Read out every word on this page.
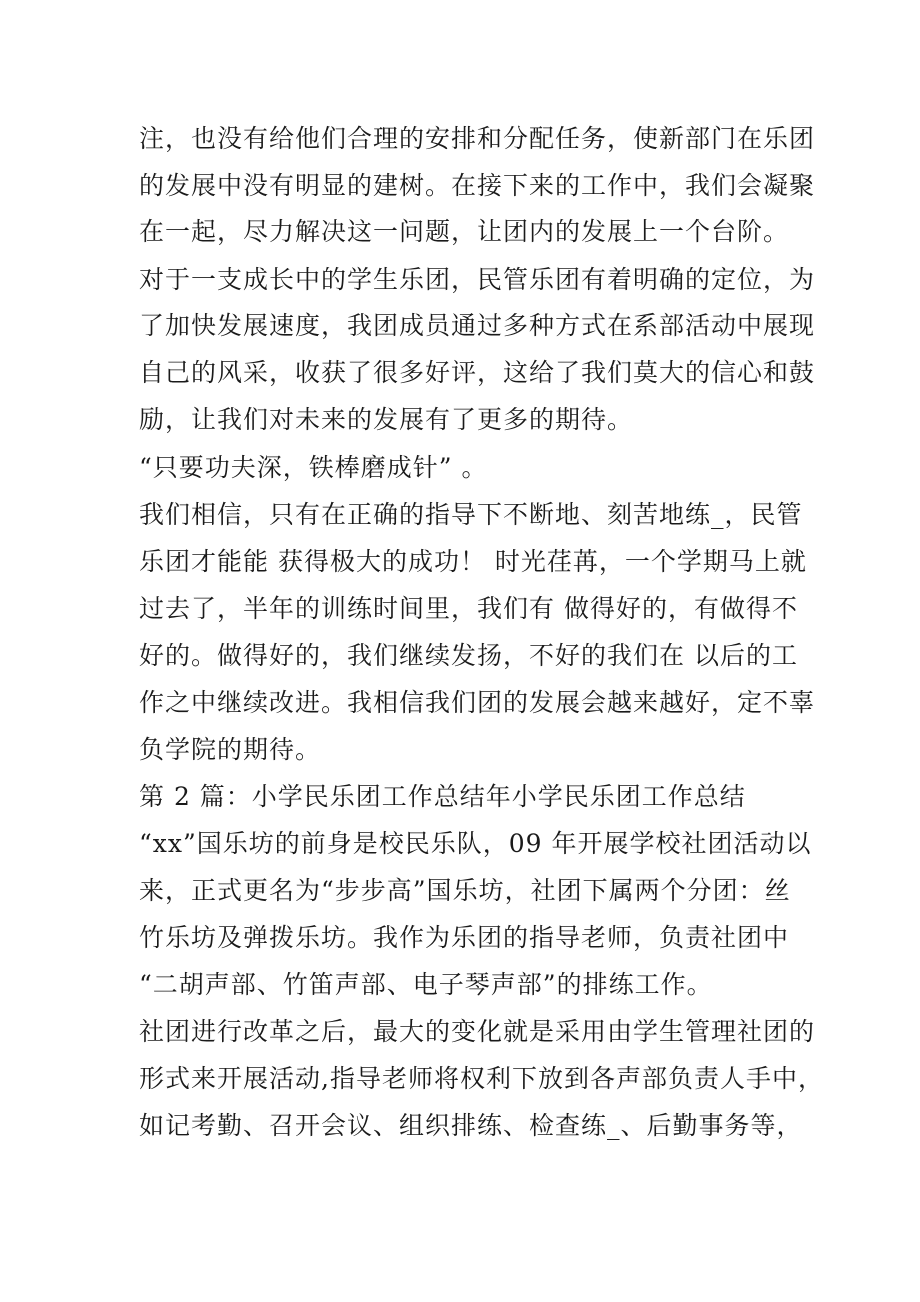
注，也没有给他们合理的安排和分配任务，使新部门在乐团
的发展中没有明显的建树。在接下来的工作中，我们会凝聚
在一起，尽力解决这一问题，让团内的发展上一个台阶。
对于一支成长中的学生乐团，民管乐团有着明确的定位，为
了加快发展速度，我团成员通过多种方式在系部活动中展现
自己的风采，收获了很多好评，这给了我们莫大的信心和鼓
励，让我们对未来的发展有了更多的期待。
“只要功夫深，铁棒磨成针” 。
我们相信，只有在正确的指导下不断地、刻苦地练_，民管
乐团才能能 获得极大的成功！ 时光荏苒，一个学期马上就
过去了，半年的训练时间里，我们有 做得好的，有做得不
好的。做得好的，我们继续发扬，不好的我们在 以后的工
作之中继续改进。我相信我们团的发展会越来越好，定不辜
负学院的期待。
第 2 篇：小学民乐团工作总结年小学民乐团工作总结
“xx”国乐坊的前身是校民乐队，09 年开展学校社团活动以
来，正式更名为“步步高”国乐坊，社团下属两个分团：丝
竹乐坊及弹拨乐坊。我作为乐团的指导老师，负责社团中
“二胡声部、竹笛声部、电子琴声部”的排练工作。
社团进行改革之后，最大的变化就是采用由学生管理社团的
形式来开展活动,指导老师将权利下放到各声部负责人手中，
如记考勤、召开会议、组织排练、检查练_、后勤事务等，
